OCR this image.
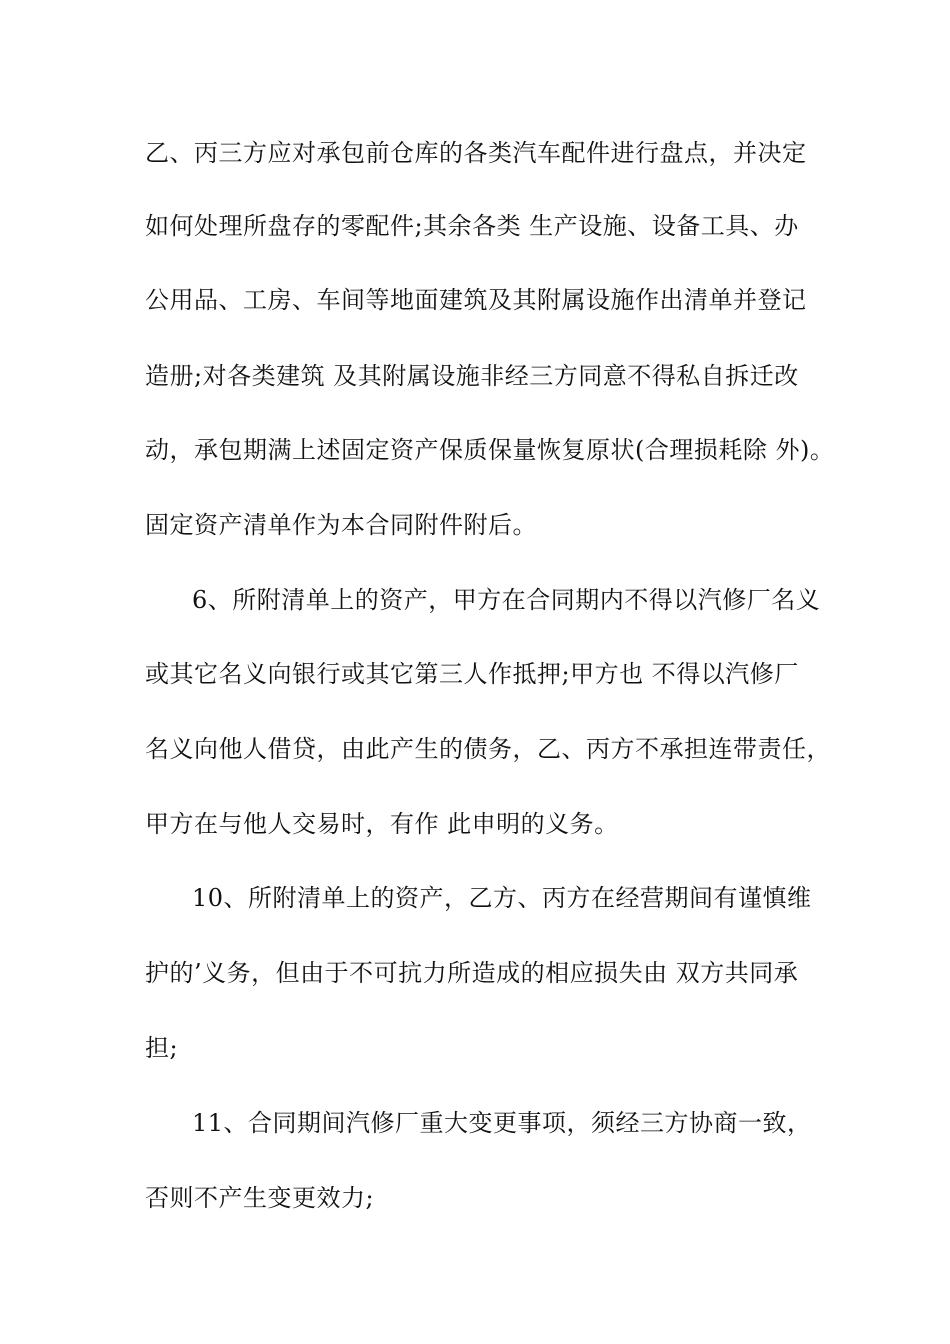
乙、丙三方应对承包前仓库的各类汽车配件进行盘点，并决定
如何处理所盘存的零配件;其余各类 生产设施、设备工具、办
公用品、工房、车间等地面建筑及其附属设施作出清单并登记
造册;对各类建筑 及其附属设施非经三方同意不得私自拆迁改
动，承包期满上述固定资产保质保量恢复原状(合理损耗除 外)。
固定资产清单作为本合同附件附后。
6、所附清单上的资产，甲方在合同期内不得以汽修厂名义
或其它名义向银行或其它第三人作抵押;甲方也 不得以汽修厂
名义向他人借贷，由此产生的债务，乙、丙方不承担连带责任，
甲方在与他人交易时，有作 此申明的义务。
10、所附清单上的资产，乙方、丙方在经营期间有谨慎维
护的’义务，但由于不可抗力所造成的相应损失由 双方共同承
担;
11、合同期间汽修厂重大变更事项，须经三方协商一致，
否则不产生变更效力;
